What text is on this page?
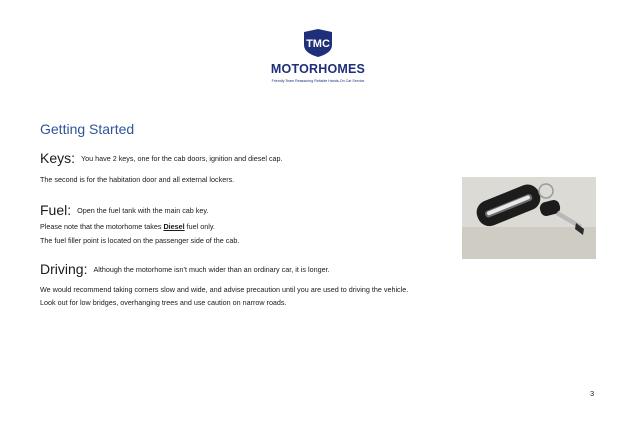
TMC
MOTORHOMES
Friendly Team Reassuring Reliable Hands-On Car Service
Getting Started
Keys: You have 2 keys, one for the cab doors, ignition and diesel cap.
The second is for the habitation door and all external lockers.
Fuel: Open the fuel tank with the main cab key.
Please note that the motorhome takes Diesel fuel only.
The fuel filler point is located on the passenger side of the cab.
Driving: Although the motorhome isn’t much wider than an ordinary car, it is longer.
We would recommend taking corners slow and wide, and advise precaution until you are used to driving the vehicle.
Look out for low bridges, overhanging trees and use caution on narrow roads.
3
